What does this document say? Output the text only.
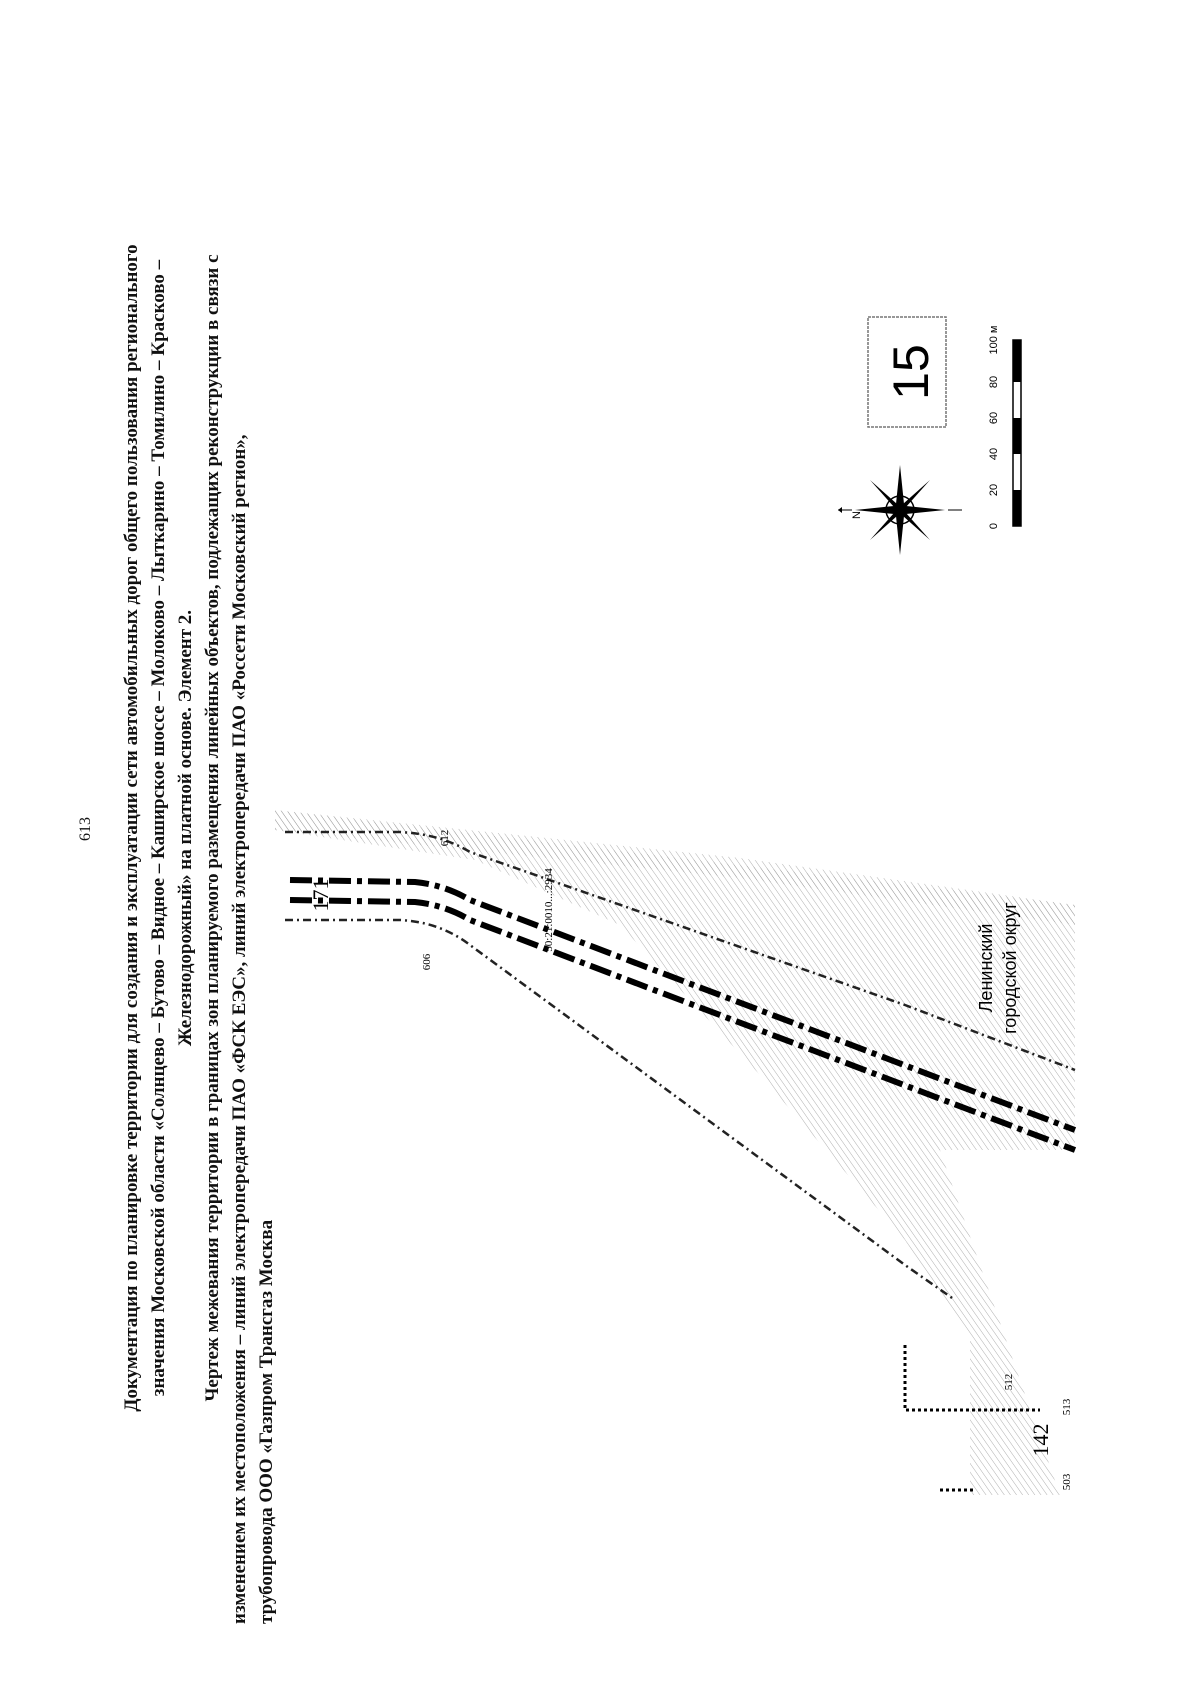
613 Документация по планировке территории для создания и эксплуатации сети автомобильных дорог общего пользования регионального значения Московской области «Солнцево – Бутово – Видное – Каширское шоссе – Молоково – Лыткарино – Томилино – Красково – Железнодорожный» на платной основе. Элемент 2. Чертеж межевания территории в границах зон планируемого размещения линейных объектов, подлежащих реконструкции в связи с изменением их местоположения – линий электропередачи ПАО «ФСК ЕЭС», линий электропередачи ПАО «Россети Московский регион», трубопровода ООО «Газпром Трансгаз Москва
171
142
606
612
50:21:0010...:2934
512
513
503
Ленинский городской округ
N
15
0
20
40
60
80
100 м
